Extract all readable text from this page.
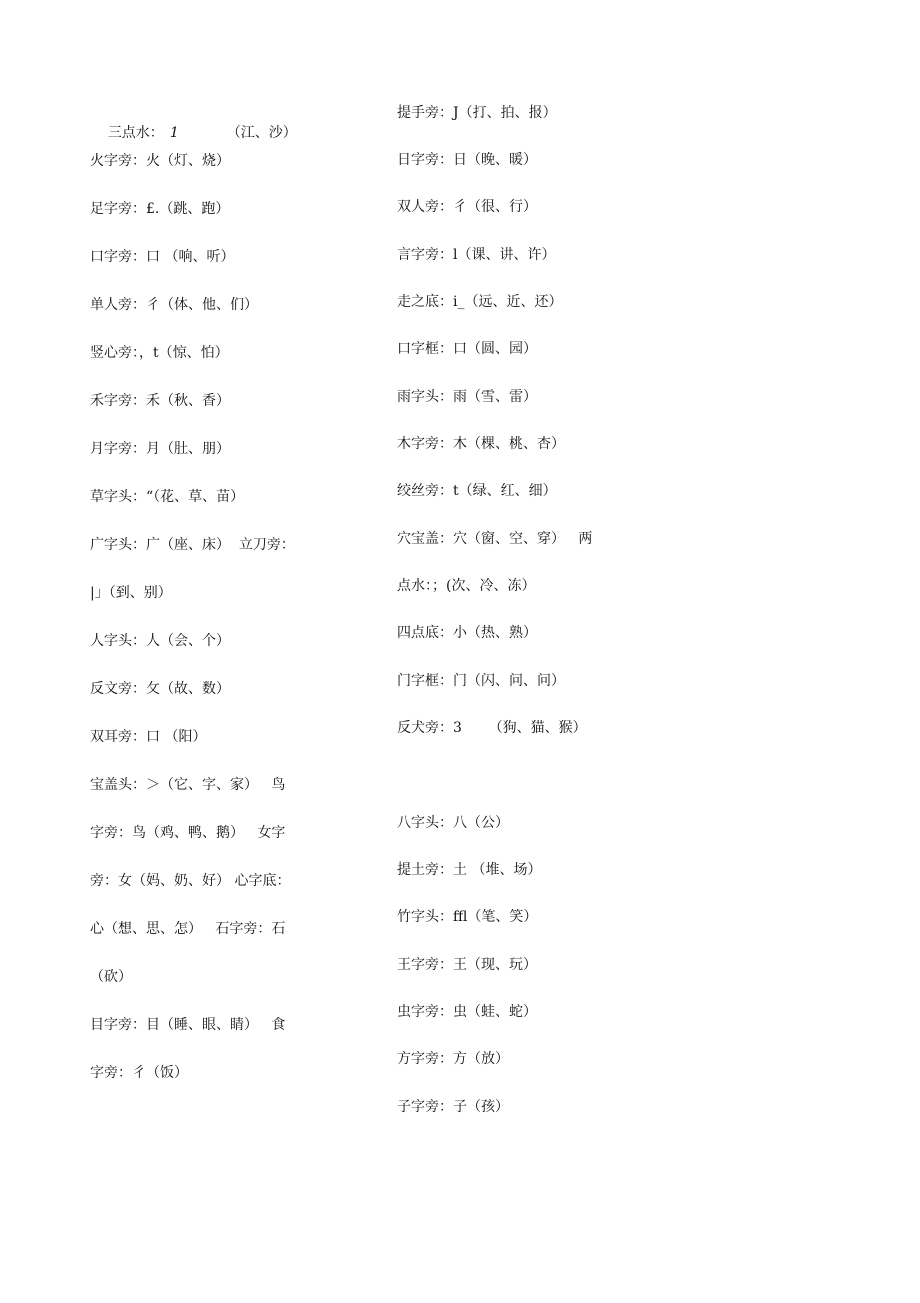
三点水： 1	（江、沙）

火字旁：火（灯、烧）
足字旁：£.（跳、跑）
口字旁：口 （响、听）
单人旁：彳（体、他、们）
竖心旁：，t（惊、怕）
禾字旁：禾（秋、香）
月字旁：月（肚、朋）
草字头：“（花、草、苗）
广字头：广（座、床）  立刀旁：
|」（到、别）
人字头：人（会、个）
反文旁：攵（故、数）
双耳旁：口 （阳）
宝盖头：＞（它、字、家）   鸟
字旁：鸟（鸡、鸭、鹅）   女字
旁：女（妈、奶、好） 心字底：
心（想、思、怎）   石字旁：石
（砍）
目字旁：目（睡、眼、睛）   食
字旁：彳（饭）
提手旁：J（打、拍、报）
日字旁：日（晚、暖）
双人旁：彳（很、行）
言字旁：l（课、讲、许）
走之底：i_（远、近、还）
口字框：口（圆、园）
雨字头：雨（雪、雷）
木字旁：木（棵、桃、杏）
绞丝旁：t（绿、红、细）
穴宝盖：穴（窗、空、穿）   两
点水：；(次、冷、冻）
四点底：小（热、熟）
门字框：门（闪、问、问）
反犬旁：3      （狗、猫、猴）
八字头：八（公）
提土旁：土 （堆、场）
竹字头：ffl（笔、笑）
王字旁：王（现、玩）
虫字旁：虫（蛙、蛇）
方字旁：方（放）
子字旁：子（孩）
